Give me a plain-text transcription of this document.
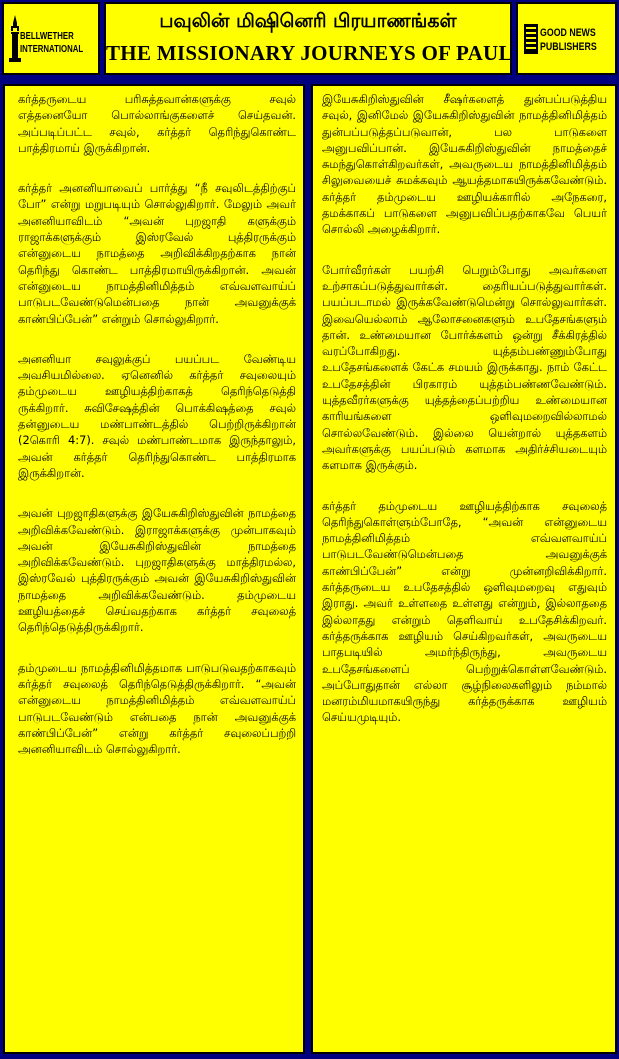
BELLWETHER
INTERNATIONAL
பவுலின் மிஷினெரி பிரயாணங்கள்
THE MISSIONARY JOURNEYS OF PAUL
GOOD NEWS
PUBLISHERS

கர்த்தருடைய பரிசுத்தவான்களுக்கு சவுல் எத்தனையோ பொல்லாங்குகளைச் செய்தவன். அப்படிப்பட்ட சவுல், கர்த்தர் தெரிந்துகொண்ட பாத்திரமாய் இருக்கிறான்.

கர்த்தர் அனனியாவைப் பார்த்து “நீ சவுலிடத்திற்குப் போ” என்று மறுபடியும் சொல்லுகிறார். மேலும் அவர் அனனியாவிடம் “அவன் புறஜாதி களுக்கும் ராஜாக்களுக்கும் இஸ்ரவேல் புத்திரருக்கும் என்னுடைய நாமத்தை அறிவிக்கிறதற்காக நான் தெரிந்து கொண்ட பாத்திரமாயிருக்கிறான். அவன் என்னுடைய நாமத்தினிமித்தம் எவ்வளவாய்ப் பாடுபடவேண்டுமென்பதை நான் அவனுக்குக் காண்பிப்பேன்” என்றும் சொல்லுகிறார்.

அனனியா சவுலுக்குப் பயப்பட வேண்டிய அவசியமில்லை. ஏனெனில் கர்த்தர் சவுலையும் தம்முடைய ஊழியத்திற்காகத் தெரிந்தெடுத்தி ருக்கிறார். சுவிசேஷத்தின் பொக்கிஷத்தை சவுல் தன்னுடைய மண்பாண்டத்தில் பெற்றிருக்கிறான் (2கொரி 4:7). சவுல் மண்பாண்டமாக இருந்தாலும், அவன் கர்த்தர் தெரிந்துகொண்ட பாத்திரமாக இருக்கிறான்.

அவன் புறஜாதிகளுக்கு இயேசுகிறிஸ்துவின் நாமத்தை அறிவிக்கவேண்டும். இராஜாக்களுக்கு முன்பாகவும் அவன் இயேசுகிறிஸ்துவின் நாமத்தை அறிவிக்கவேண்டும். புறஜாதிகளுக்கு மாத்திரமல்ல, இஸ்ரவேல் புத்திரருக்கும் அவன் இயேசுகிறிஸ்துவின் நாமத்தை அறிவிக்கவேண்டும். தம்முடைய ஊழியத்தைச் செய்வதற்காக கர்த்தர் சவுலைத் தெரிந்தெடுத்திருக்கிறார்.

தம்முடைய நாமத்தினிமித்தமாக பாடுபடுவதற்காகவும் கர்த்தர் சவுலைத் தெரிந்தெடுத்திருக்கிறார். “அவன் என்னுடைய நாமத்தினிமித்தம் எவ்வளவாய்ப் பாடுபடவேண்டும் என்பதை நான் அவனுக்குக் காண்பிப்பேன்” என்று கர்த்தர் சவுலைப்பற்றி அனனியாவிடம் சொல்லுகிறார்.

இயேசுகிறிஸ்துவின் சீஷர்களைத் துன்பப்படுத்திய சவுல், இனிமேல் இயேசுகிறிஸ்துவின் நாமத்தினிமித்தம் துன்பப்படுத்தப்படுவான், பல பாடுகளை அனுபவிப்பான். இயேசுகிறிஸ்துவின் நாமத்தைச் சுமந்துகொள்கிறவர்கள், அவருடைய நாமத்தினிமித்தம் சிலுவையைச் சுமக்கவும் ஆயத்தமாகயிருக்கவேண்டும். கர்த்தர் தம்முடைய ஊழியக்காரில் அநேகரை, தமக்காகப் பாடுகளை அனுபவிப்பதற்காகவே பெயர் சொல்லி அழைக்கிறார்.

போர்வீரர்கள் பயற்சி பெறும்போது அவர்களை உற்சாகப்படுத்துவார்கள். தைரியப்படுத்துவார்கள். பயப்படாமல் இருக்கவேண்டுமென்று சொல்லுவார்கள். இவையெல்லாம் ஆலோசனைகளும் உபதேசங்களும் தான். உண்மையான போர்க்களம் ஒன்று சீக்கிரத்தில் வரப்போகிறது. யுத்தம்பண்ணும்போது உபதேசங்களைக் கேட்க சமயம் இருக்காது. நாம் கேட்ட உபதேசத்தின் பிரகாரம் யுத்தம்பண்ணவேண்டும். யுத்தவீரர்களுக்கு யுத்தத்தைப்பற்றிய உண்மையான காரியங்களை ஒளிவுமறைவில்லாமல் சொல்லவேண்டும். இல்லை யென்றால் யுத்தகளம் அவர்களுக்கு பயப்படும் களமாக அதிர்ச்சியடையும் களமாக இருக்கும்.

கர்த்தர் தம்முடைய ஊழியத்திற்காக சவுலைத் தெரிந்துகொள்ளும்போதே, “அவன் என்னுடைய நாமத்தினிமித்தம் எவ்வளவாய்ப் பாடுபடவேண்டுமென்பதை அவனுக்குக் காண்பிப்பேன்” என்று முன்னறிவிக்கிறார். கர்த்தருடைய உபதேசத்தில் ஒளிவுமறைவு எதுவும் இராது. அவர் உள்ளதை உள்ளது என்றும், இல்லாததை இல்லாதது என்றும் தெளிவாய் உபதேசிக்கிறவர். கர்த்தருக்காக ஊழியம் செய்கிறவர்கள், அவருடைய பாதபடியில் அமர்ந்திருந்து, அவருடைய உபதேசங்களைப் பெற்றுக்கொள்ளவேண்டும். அப்போதுதான் எல்லா சூழ்நிலைகளிலும் நம்மால் மனரம்மியமாகயிருந்து கர்த்தருக்காக ஊழியம் செய்யமுடியும்.
